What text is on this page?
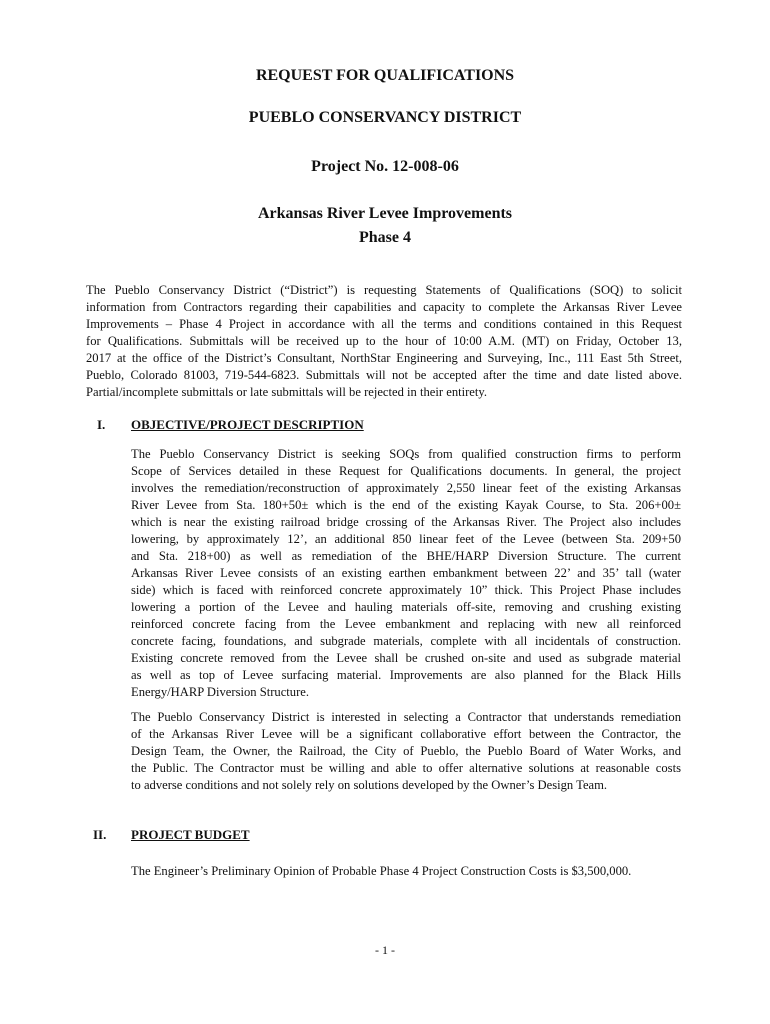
REQUEST FOR QUALIFICATIONS
PUEBLO CONSERVANCY DISTRICT
Project No. 12-008-06
Arkansas River Levee Improvements
Phase 4
The Pueblo Conservancy District (“District”) is requesting Statements of Qualifications (SOQ) to solicit
information from Contractors regarding their capabilities and capacity to complete the Arkansas River Levee
Improvements – Phase 4 Project in accordance with all the terms and conditions contained in this Request
for Qualifications. Submittals will be received up to the hour of 10:00 A.M. (MT) on Friday, October 13,
2017 at the office of the District’s Consultant, NorthStar Engineering and Surveying, Inc., 111 East 5th Street,
Pueblo, Colorado 81003, 719-544-6823. Submittals will not be accepted after the time and date listed above.
Partial/incomplete submittals or late submittals will be rejected in their entirety.
I. OBJECTIVE/PROJECT DESCRIPTION
The Pueblo Conservancy District is seeking SOQs from qualified construction firms to perform
Scope of Services detailed in these Request for Qualifications documents. In general, the project
involves the remediation/reconstruction of approximately 2,550 linear feet of the existing Arkansas
River Levee from Sta. 180+50± which is the end of the existing Kayak Course, to Sta. 206+00±
which is near the existing railroad bridge crossing of the Arkansas River. The Project also includes
lowering, by approximately 12’, an additional 850 linear feet of the Levee (between Sta. 209+50
and Sta. 218+00) as well as remediation of the BHE/HARP Diversion Structure. The current
Arkansas River Levee consists of an existing earthen embankment between 22’ and 35’ tall (water
side) which is faced with reinforced concrete approximately 10” thick. This Project Phase includes
lowering a portion of the Levee and hauling materials off-site, removing and crushing existing
reinforced concrete facing from the Levee embankment and replacing with new all reinforced
concrete facing, foundations, and subgrade materials, complete with all incidentals of construction.
Existing concrete removed from the Levee shall be crushed on-site and used as subgrade material
as well as top of Levee surfacing material. Improvements are also planned for the Black Hills
Energy/HARP Diversion Structure.
The Pueblo Conservancy District is interested in selecting a Contractor that understands remediation
of the Arkansas River Levee will be a significant collaborative effort between the Contractor, the
Design Team, the Owner, the Railroad, the City of Pueblo, the Pueblo Board of Water Works, and
the Public. The Contractor must be willing and able to offer alternative solutions at reasonable costs
to adverse conditions and not solely rely on solutions developed by the Owner’s Design Team.
II. PROJECT BUDGET
The Engineer’s Preliminary Opinion of Probable Phase 4 Project Construction Costs is $3,500,000.
- 1 -
